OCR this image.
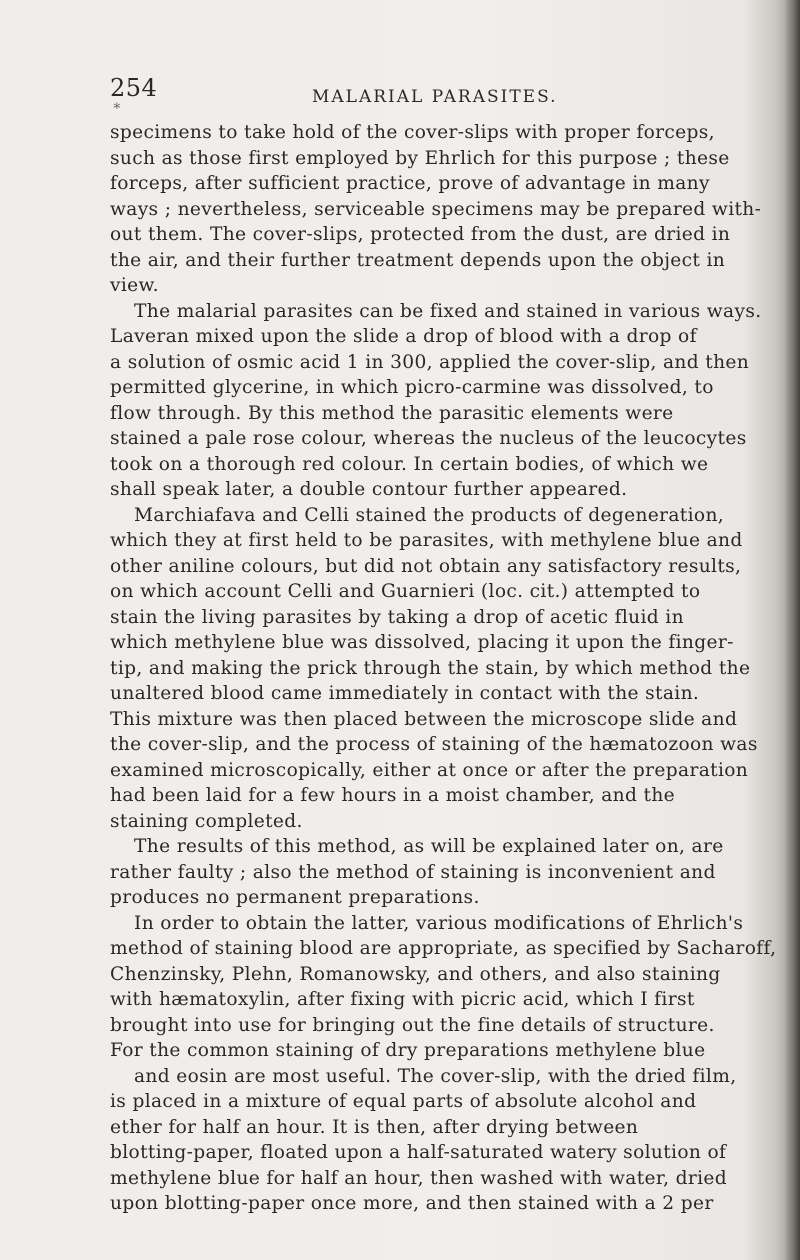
254	MALARIAL PARASITES.
∗
specimens to take hold of the cover-slips with proper forceps,
such as those first employed by Ehrlich for this purpose ; these
forceps, after sufficient practice, prove of advantage in many
ways ; nevertheless, serviceable specimens may be prepared with-
out them. The cover-slips, protected from the dust, are dried in
the air, and their further treatment depends upon the object in
view.
The malarial parasites can be fixed and stained in various ways.
Laveran mixed upon the slide a drop of blood with a drop of
a solution of osmic acid 1 in 300, applied the cover-slip, and then
permitted glycerine, in which picro-carmine was dissolved, to
flow through. By this method the parasitic elements were
stained a pale rose colour, whereas the nucleus of the leucocytes
took on a thorough red colour. In certain bodies, of which we
shall speak later, a double contour further appeared.
Marchiafava and Celli stained the products of degeneration,
which they at first held to be parasites, with methylene blue and
other aniline colours, but did not obtain any satisfactory results,
on which account Celli and Guarnieri (loc. cit.) attempted to
stain the living parasites by taking a drop of acetic fluid in
which methylene blue was dissolved, placing it upon the finger-
tip, and making the prick through the stain, by which method the
unaltered blood came immediately in contact with the stain.
This mixture was then placed between the microscope slide and
the cover-slip, and the process of staining of the hæmatozoon was
examined microscopically, either at once or after the preparation
had been laid for a few hours in a moist chamber, and the
staining completed.
The results of this method, as will be explained later on, are
rather faulty ; also the method of staining is inconvenient and
produces no permanent preparations.
In order to obtain the latter, various modifications of Ehrlich's
method of staining blood are appropriate, as specified by Sacharoff,
Chenzinsky, Plehn, Romanowsky, and others, and also staining
with hæmatoxylin, after fixing with picric acid, which I first
brought into use for bringing out the fine details of structure.
For the common staining of dry preparations methylene blue
and eosin are most useful. The cover-slip, with the dried film,
is placed in a mixture of equal parts of absolute alcohol and
ether for half an hour. It is then, after drying between
blotting-paper, floated upon a half-saturated watery solution of
methylene blue for half an hour, then washed with water, dried
upon blotting-paper once more, and then stained with a 2 per
